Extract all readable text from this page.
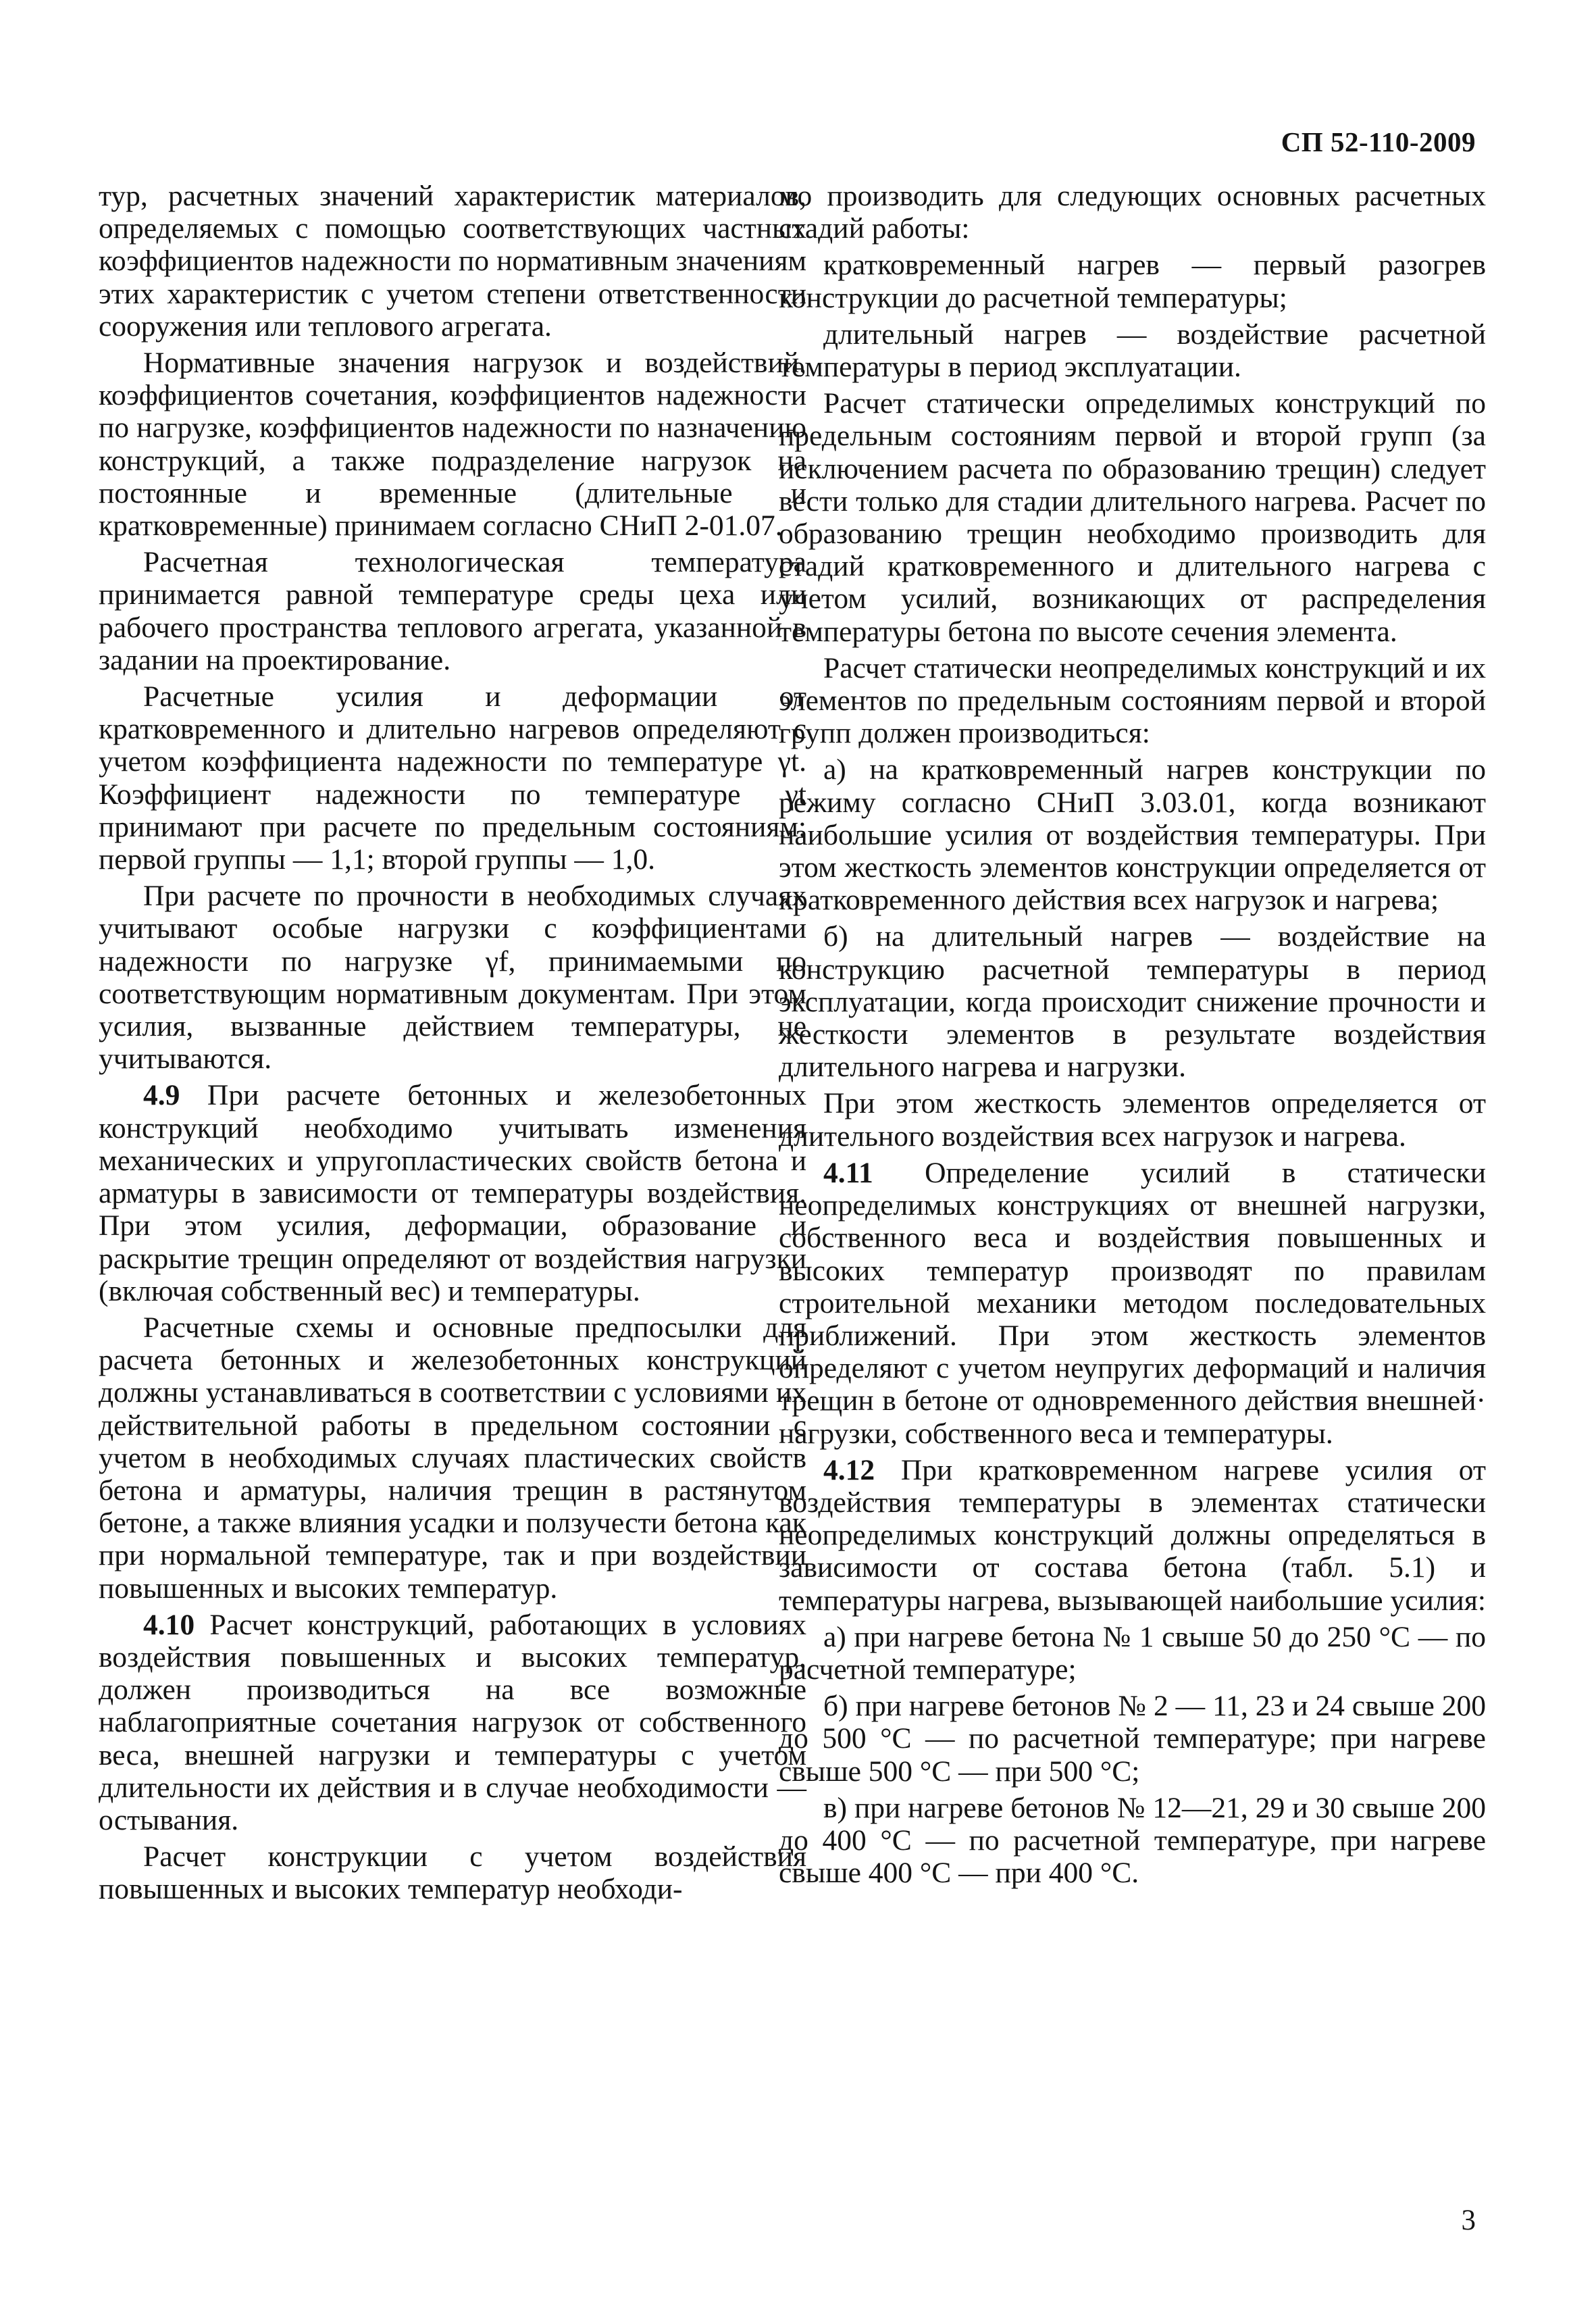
СП 52-110-2009

тур, расчетных значений характеристик материалов, определяемых с помощью соответствующих частных коэффициентов надежности по нормативным значениям этих характеристик с учетом степени ответственности сооружения или теплового агрегата.

Нормативные значения нагрузок и воздействий, коэффициентов сочетания, коэффициентов надежности по нагрузке, коэффициентов надежности по назначению конструкций, а также подразделение нагрузок на постоянные и временные (длительные и кратковременные) принимаем согласно СНиП 2-01.07.

Расчетная технологическая температура принимается равной температуре среды цеха или рабочего пространства теплового агрегата, указанной в задании на проектирование.

Расчетные усилия и деформации от кратковременного и длительно нагревов определяют с учетом коэффициента надежности по температуре γt. Коэффициент надежности по температуре γt принимают при расчете по предельным состояниям: первой группы — 1,1; второй группы — 1,0.

При расчете по прочности в необходимых случаях учитывают особые нагрузки с коэффициентами надежности по нагрузке γf, принимаемыми по соответствующим нормативным документам. При этом усилия, вызванные действием температуры, не учитываются.

4.9 При расчете бетонных и железобетонных конструкций необходимо учитывать изменения механических и упругопластических свойств бетона и арматуры в зависимости от температуры воздействия. При этом усилия, деформации, образование и раскрытие трещин определяют от воздействия нагрузки (включая собственный вес) и температуры.

Расчетные схемы и основные предпосылки для расчета бетонных и железобетонных конструкций должны устанавливаться в соответствии с условиями их действительной работы в предельном состоянии с учетом в необходимых случаях пластических свойств бетона и арматуры, наличия трещин в растянутом бетоне, а также влияния усадки и ползучести бетона как при нормальной температуре, так и при воздействии повышенных и высоких температур.

4.10 Расчет конструкций, работающих в условиях воздействия повышенных и высоких температур, должен производиться на все возможные наблагоприятные сочетания нагрузок от собственного веса, внешней нагрузки и температуры с учетом длительности их действия и в случае необходимости — остывания.

Расчет конструкции с учетом воздействия повышенных и высоких температур необходи-

мо производить для следующих основных расчетных стадий работы:

кратковременный нагрев — первый разогрев конструкции до расчетной температуры;

длительный нагрев — воздействие расчетной температуры в период эксплуатации.

Расчет статически определимых конструкций по предельным состояниям первой и второй групп (за исключением расчета по образованию трещин) следует вести только для стадии длительного нагрева. Расчет по образованию трещин необходимо производить для стадий кратковременного и длительного нагрева с учетом усилий, возникающих от распределения температуры бетона по высоте сечения элемента.

Расчет статически неопределимых конструкций и их элементов по предельным состояниям первой и второй групп должен производиться:

а) на кратковременный нагрев конструкции по режиму согласно СНиП 3.03.01, когда возникают наибольшие усилия от воздействия температуры. При этом жесткость элементов конструкции определяется от кратковременного действия всех нагрузок и нагрева;

б) на длительный нагрев — воздействие на конструкцию расчетной температуры в период эксплуатации, когда происходит снижение прочности и жесткости элементов в результате воздействия длительного нагрева и нагрузки.

При этом жесткость элементов определяется от длительного воздействия всех нагрузок и нагрева.

4.11 Определение усилий в статически неопределимых конструкциях от внешней нагрузки, собственного веса и воздействия повышенных и высоких температур производят по правилам строительной механики методом последовательных приближений. При этом жесткость элементов определяют с учетом неупругих деформаций и наличия трещин в бетоне от одновременного действия внешней· нагрузки, собственного веса и температуры.

4.12 При кратковременном нагреве усилия от воздействия температуры в элементах статически неопределимых конструкций должны определяться в зависимости от состава бетона (табл. 5.1) и температуры нагрева, вызывающей наибольшие усилия:

а) при нагреве бетона № 1 свыше 50 до 250 °С — по расчетной температуре;

б) при нагреве бетонов № 2 — 11, 23 и 24 свыше 200 до 500 °С — по расчетной температуре; при нагреве свыше 500 °С — при 500 °С;

в) при нагреве бетонов № 12—21, 29 и 30 свыше 200 до 400 °С — по расчетной температуре, при нагреве свыше 400 °С — при 400 °С.

3
